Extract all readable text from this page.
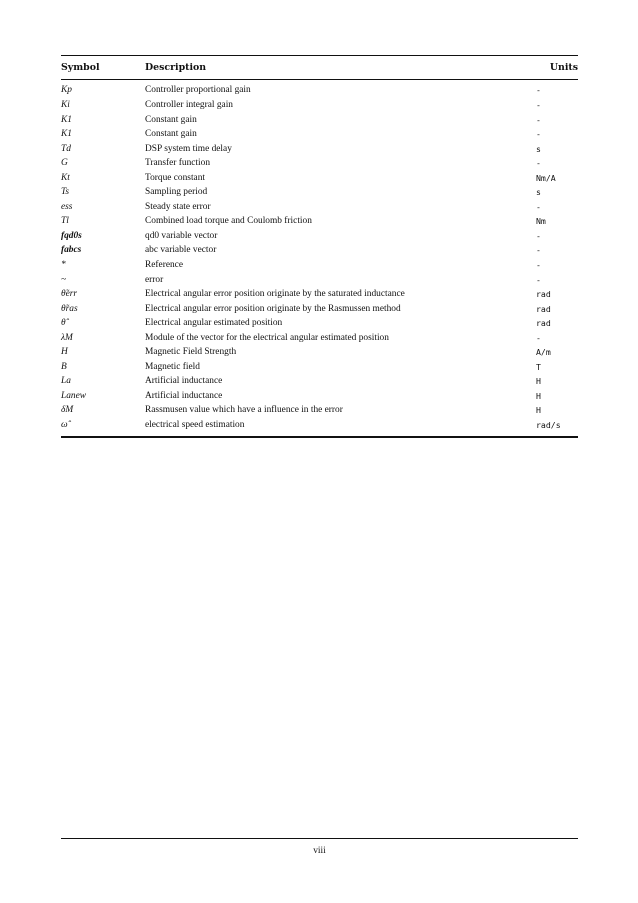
Symbol	Description	Units
Kp	Controller proportional gain	-
Ki	Controller integral gain	-
K1	Constant gain	-
K1	Constant gain	-
Td	DSP system time delay	s
G	Transfer function	-
Kt	Torque constant	Nm/A
Ts	Sampling period	s
ess	Steady state error	-
Tl	Combined load torque and Coulomb friction	Nm
fqd0s	qd0 variable vector	-
fabcs	abc variable vector	-
*	Reference	-
~	error	-
θ̃err	Electrical angular error position originate by the saturated inductance	rad
θ̃ras	Electrical angular error position originate by the Rasmussen method	rad
θ̂	Electrical angular estimated position	rad
λM	Module of the vector for the electrical angular estimated position	-
H	Magnetic Field Strength	A/m
B	Magnetic field	T
La	Artificial inductance	H
Lanew	Artificial inductance	H
δM	Rassmusen value which have a influence in the error	H
ω̂	electrical speed estimation	rad/s
viii
